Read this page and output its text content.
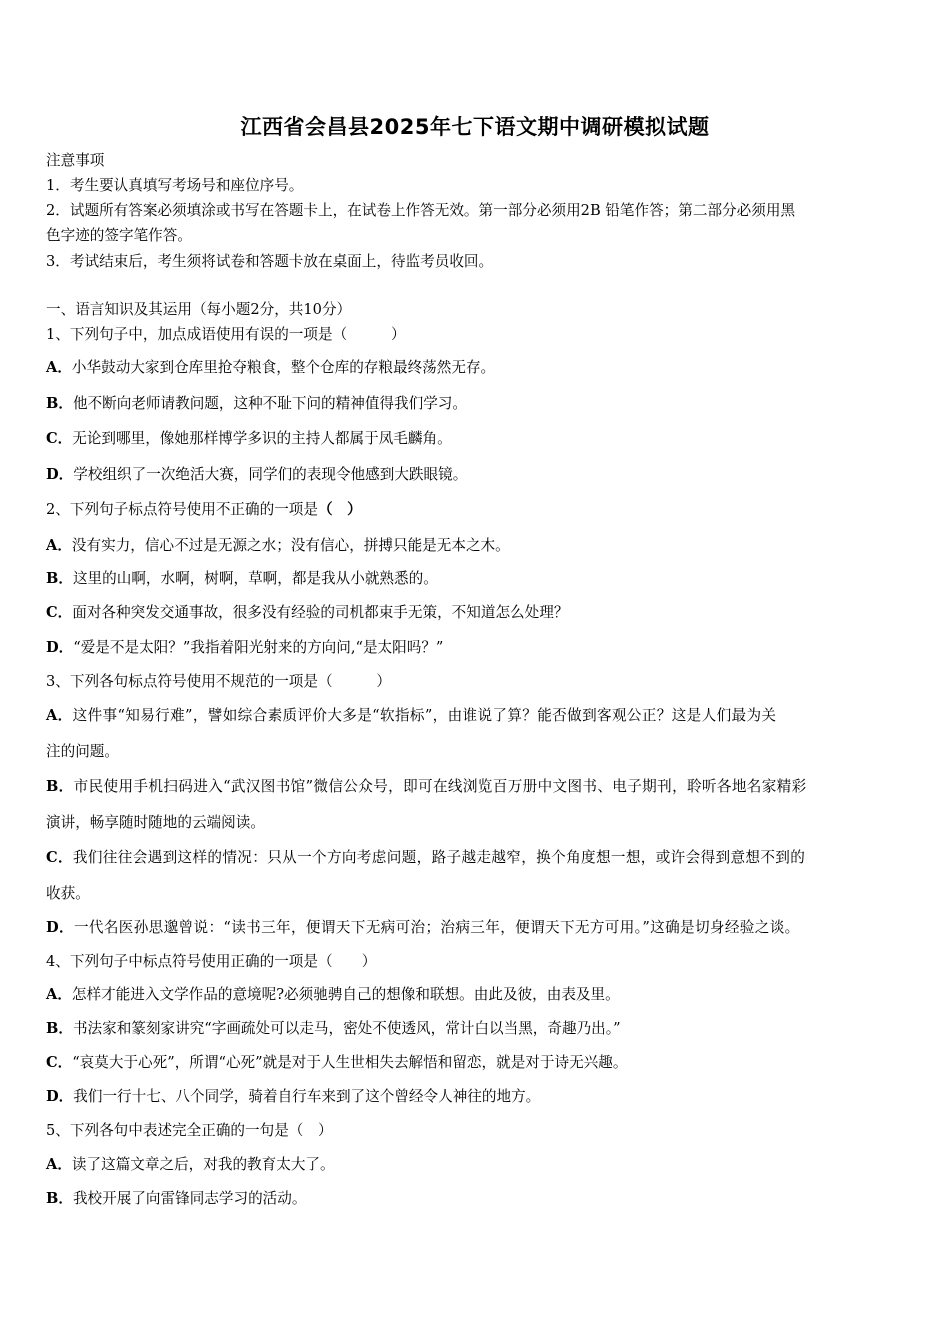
江西省会昌县2025年七下语文期中调研模拟试题
注意事项
1．考生要认真填写考场号和座位序号。
2．试题所有答案必须填涂或书写在答题卡上，在试卷上作答无效。第一部分必须用2B 铅笔作答；第二部分必须用黑
色字迹的签字笔作答。
3．考试结束后，考生须将试卷和答题卡放在桌面上，待监考员收回。
一、语言知识及其运用（每小题2分，共10分）
1、下列句子中，加点成语使用有误的一项是（　　　）
A．小华鼓动大家到仓库里抢夺粮食，整个仓库的存粮最终荡然无存。
B．他不断向老师请教问题，这种不耻下问的精神值得我们学习。
C．无论到哪里，像她那样博学多识的主持人都属于凤毛麟角。
D．学校组织了一次绝活大赛，同学们的表现令他感到大跌眼镜。
2、下列句子标点符号使用不正确的一项是（　）
A．没有实力，信心不过是无源之水；没有信心，拼搏只能是无本之木。
B．这里的山啊，水啊，树啊，草啊，都是我从小就熟悉的。
C．面对各种突发交通事故，很多没有经验的司机都束手无策，不知道怎么处理？
D．“爱是不是太阳？”我指着阳光射来的方向问,“是太阳吗？”
3、下列各句标点符号使用不规范的一项是（　　　）
A．这件事“知易行难”，譬如综合素质评价大多是“软指标”，由谁说了算？能否做到客观公正？这是人们最为关
注的问题。
B．市民使用手机扫码进入“武汉图书馆”微信公众号，即可在线浏览百万册中文图书、电子期刊，聆听各地名家精彩
演讲，畅享随时随地的云端阅读。
C．我们往往会遇到这样的情况：只从一个方向考虑问题，路子越走越窄，换个角度想一想，或许会得到意想不到的
收获。
D．一代名医孙思邈曾说：“读书三年，便谓天下无病可治；治病三年，便谓天下无方可用。”这确是切身经验之谈。
4、下列句子中标点符号使用正确的一项是（　　）
A．怎样才能进入文学作品的意境呢?必须驰骋自己的想像和联想。由此及彼，由表及里。
B．书法家和篆刻家讲究“字画疏处可以走马，密处不使透风，常计白以当黑，奇趣乃出。”
C．“哀莫大于心死”，所谓“心死”就是对于人生世相失去解悟和留恋，就是对于诗无兴趣。
D．我们一行十七、八个同学，骑着自行车来到了这个曾经令人神往的地方。
5、下列各句中表述完全正确的一句是（　）
A．读了这篇文章之后，对我的教育太大了。
B．我校开展了向雷锋同志学习的活动。
